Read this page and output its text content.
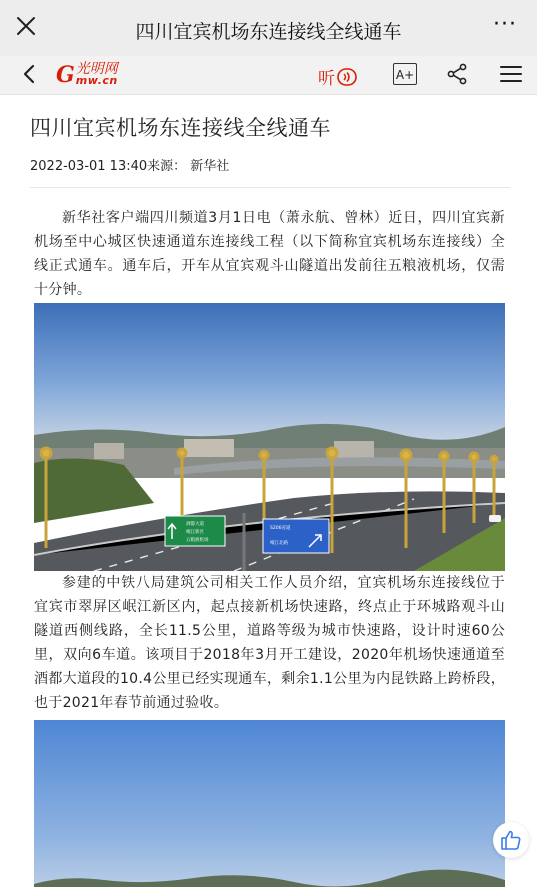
四川宜宾机场东连接线全线通车	···
G 光明网
mw.cn	听	A+
四川宜宾机场东连接线全线通车
2022-03-01 13:40来源： 新华社
新华社客户端四川频道3月1日电（萧永航、曾林）近日，四川宜宾新机场至中心城区快速通道东连接线工程（以下简称宜宾机场东连接线）全线正式通车。通车后，开车从宜宾观斗山隧道出发前往五粮液机场，仅需十分钟。
酒都大道
岷江新区
五粮液机场
S206省道
岷江北路
参建的中铁八局建筑公司相关工作人员介绍，宜宾机场东连接线位于宜宾市翠屏区岷江新区内，起点接新机场快速路，终点止于环城路观斗山隧道西侧线路，全长11.5公里，道路等级为城市快速路，设计时速60公里，双向6车道。该项目于2018年3月开工建设，2020年机场快速通道至酒都大道段的10.4公里已经实现通车，剩余1.1公里为内昆铁路上跨桥段，也于2021年春节前通过验收。
